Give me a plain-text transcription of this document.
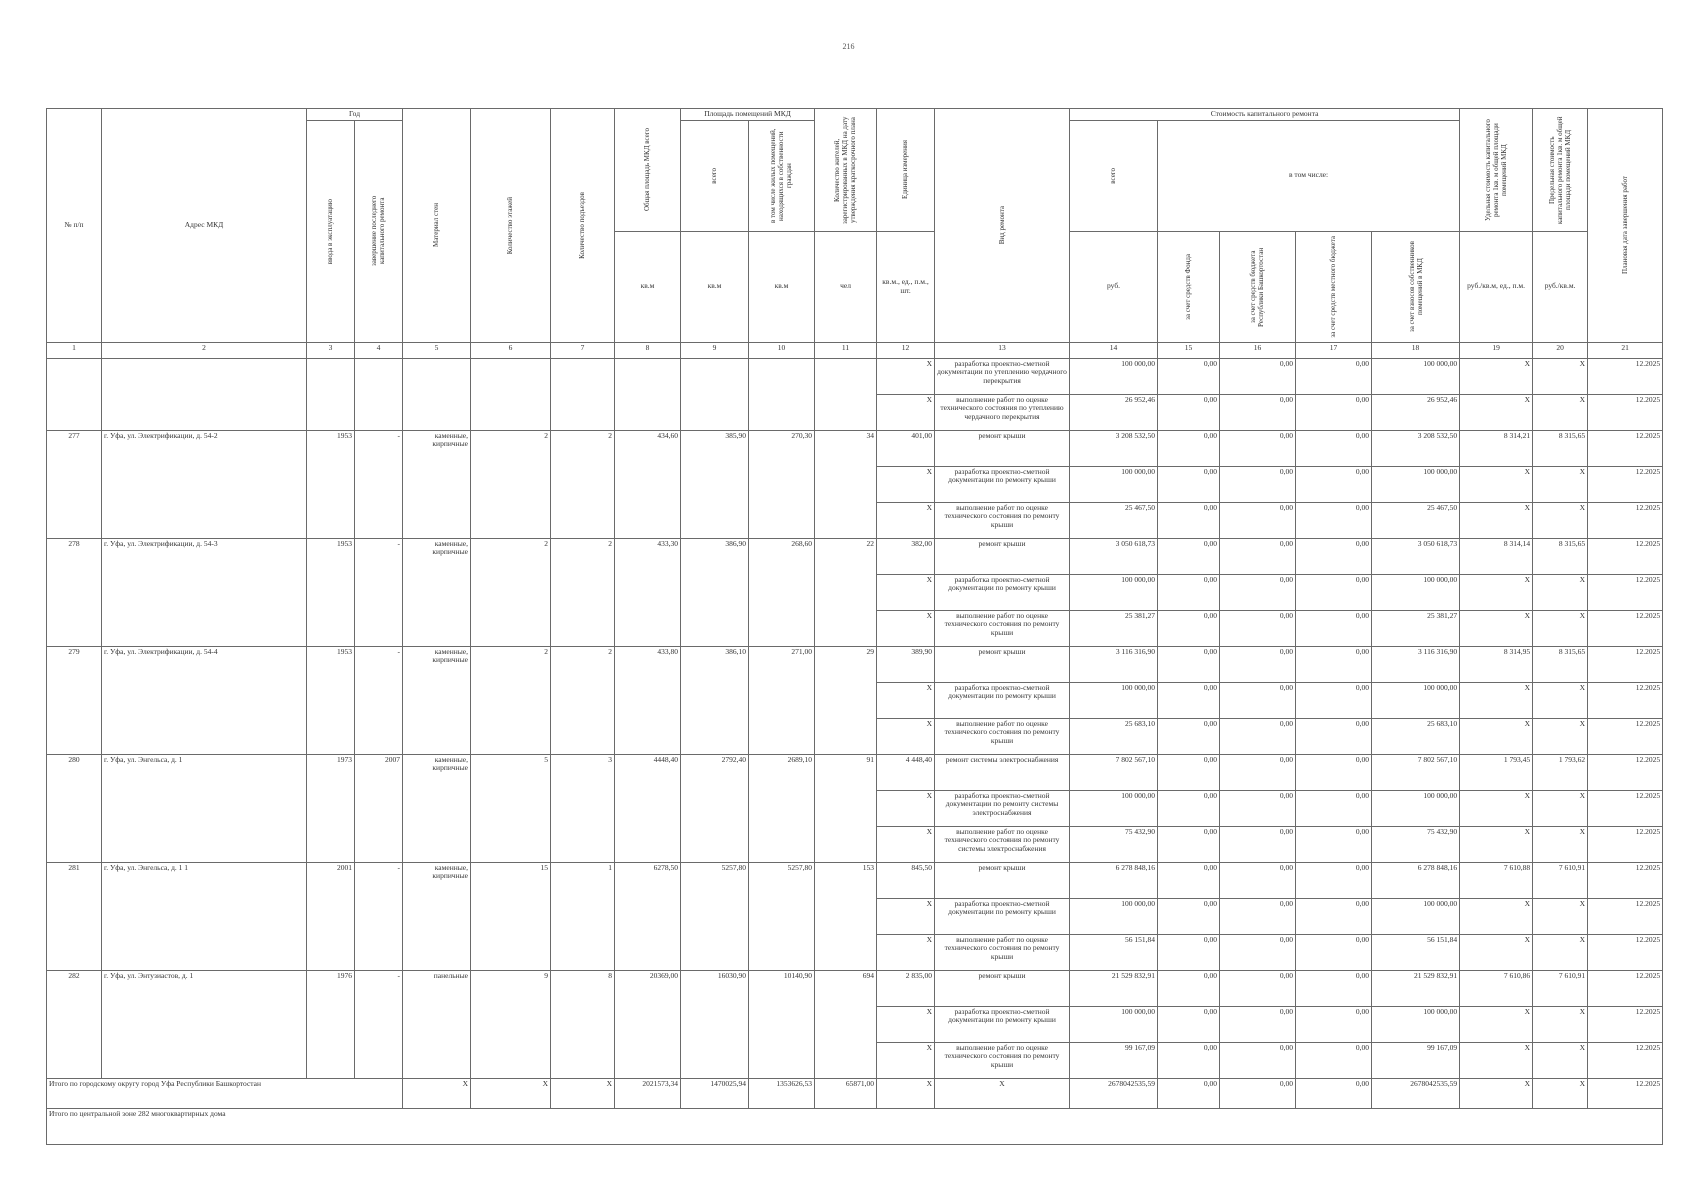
216
№ п/п	Адрес МКД	Год		Материал стен	Количество этажей	Количество подъездов	Общая площадь МКД всего	Площадь помещений МКД		Количество жителей, зарегистрированных в МКД на дату утверждения краткосрочного плана	Единица измерения	Вид ремонта	Стоимость капитального ремонта					Удельная стоимость капитального ремонта 1кв. м общей площади помещений МКД	Предельная стоимость капитального ремонта 1кв. м общей площади помещений МКД	Плановая дата завершения работ

		ввода в эксплуатацию	завершение последнего капитального ремонта					всего	в том числе жилых помещений, находящихся в собственности граждан				всего	в том числе:						
							кв.м	кв.м	кв.м	чел	кв.м., ед., п.м., шт.		руб.	за счет средств Фонда	за счет средств бюджета Республики Башкортостан	за счет средств местного бюджета	за счет взносов собственников помещений в МКД	руб./кв.м, ед., п.м.	руб./кв.м.	
1	2	3	4	5	6	7	8	9	10	11	12	13	14	15	16	17	18	19	20	21
											X	разработка проектно-сметной документации по утеплению чердачного перекрытия	100 000,00	0,00	0,00	0,00	100 000,00	X	X	12.2025
											X	выполнение работ по оценке технического состояния по утеплению чердачного перекрытия	26 952,46	0,00	0,00	0,00	26 952,46	X	X	12.2025
277	г. Уфа, ул. Электрификации, д. 54-2	1953	-	каменные, кирпичные	2	2	434,60	385,90	270,30	34	401,00	ремонт крыши	3 208 532,50	0,00	0,00	0,00	3 208 532,50	8 314,21	8 315,65	12.2025
											X	разработка проектно-сметной документации по ремонту крыши	100 000,00	0,00	0,00	0,00	100 000,00	X	X	12.2025
											X	выполнение работ по оценке технического состояния по ремонту крыши	25 467,50	0,00	0,00	0,00	25 467,50	X	X	12.2025
278	г. Уфа, ул. Электрификации, д. 54-3	1953	-	каменные, кирпичные	2	2	433,30	386,90	268,60	22	382,00	ремонт крыши	3 050 618,73	0,00	0,00	0,00	3 050 618,73	8 314,14	8 315,65	12.2025
											X	разработка проектно-сметной документации по ремонту крыши	100 000,00	0,00	0,00	0,00	100 000,00	X	X	12.2025
											X	выполнение работ по оценке технического состояния по ремонту крыши	25 381,27	0,00	0,00	0,00	25 381,27	X	X	12.2025
279	г. Уфа, ул. Электрификации, д. 54-4	1953	-	каменные, кирпичные	2	2	433,80	386,10	271,00	29	389,90	ремонт крыши	3 116 316,90	0,00	0,00	0,00	3 116 316,90	8 314,95	8 315,65	12.2025
											X	разработка проектно-сметной документации по ремонту крыши	100 000,00	0,00	0,00	0,00	100 000,00	X	X	12.2025
											X	выполнение работ по оценке технического состояния по ремонту крыши	25 683,10	0,00	0,00	0,00	25 683,10	X	X	12.2025
280	г. Уфа, ул. Энгельса, д. 1	1973	2007	каменные, кирпичные	5	3	4448,40	2792,40	2689,10	91	4 448,40	ремонт системы электроснабжения	7 802 567,10	0,00	0,00	0,00	7 802 567,10	1 793,45	1 793,62	12.2025
											X	разработка проектно-сметной документации по ремонту системы электроснабжения	100 000,00	0,00	0,00	0,00	100 000,00	X	X	12.2025
											X	выполнение работ по оценке технического состояния по ремонту системы электроснабжения	75 432,90	0,00	0,00	0,00	75 432,90	X	X	12.2025
281	г. Уфа, ул. Энгельса, д. 1 1	2001	-	каменные, кирпичные	15	1	6278,50	5257,80	5257,80	153	845,50	ремонт крыши	6 278 848,16	0,00	0,00	0,00	6 278 848,16	7 610,88	7 610,91	12.2025
											X	разработка проектно-сметной документации по ремонту крыши	100 000,00	0,00	0,00	0,00	100 000,00	X	X	12.2025
											X	выполнение работ по оценке технического состояния по ремонту крыши	56 151,84	0,00	0,00	0,00	56 151,84	X	X	12.2025
282	г. Уфа, ул. Энтузиастов, д. 1	1976	-	панельные	9	8	20369,00	16030,90	10140,90	694	2 835,00	ремонт крыши	21 529 832,91	0,00	0,00	0,00	21 529 832,91	7 610,86	7 610,91	12.2025
											X	разработка проектно-сметной документации по ремонту крыши	100 000,00	0,00	0,00	0,00	100 000,00	X	X	12.2025
											X	выполнение работ по оценке технического состояния по ремонту крыши	99 167,09	0,00	0,00	0,00	99 167,09	X	X	12.2025
Итого по городскому округу город Уфа Республики Башкортостан				X	X	X	2021573,34	1470025,94	1353626,53	65871,00	X	X	2678042535,59	0,00	0,00	0,00	2678042535,59	X	X	12.2025
Итого по центральной зоне 282 многоквартирных дома																				
